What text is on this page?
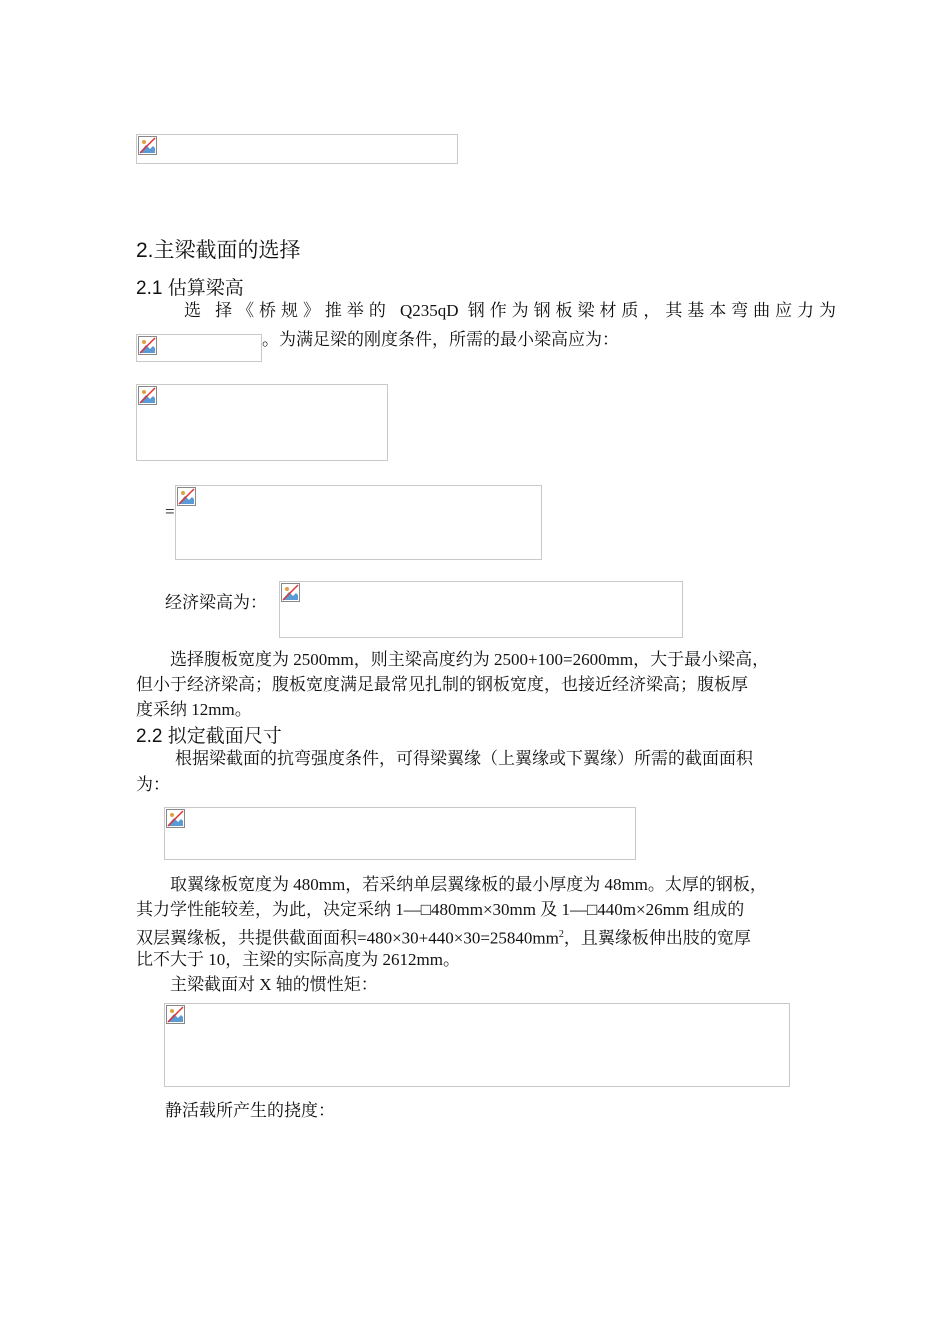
2.主梁截面的选择
2.1 估算梁高
选 择《桥规》推举的 Q235qD 钢作为钢板梁材质，其基本弯曲应力为
。为满足梁的刚度条件，所需的最小梁高应为：
=
经济梁高为：
选择腹板宽度为 2500mm，则主梁高度约为 2500+100=2600mm，大于最小梁高，
但小于经济梁高；腹板宽度满足最常见扎制的钢板宽度，也接近经济梁高；腹板厚
度采纳 12mm。
2.2 拟定截面尺寸
根据梁截面的抗弯强度条件，可得梁翼缘（上翼缘或下翼缘）所需的截面面积
为：
取翼缘板宽度为 480mm，若采纳单层翼缘板的最小厚度为 48mm。太厚的钢板，
其力学性能较差，为此，决定采纳 1—□480mm×30mm 及 1—□440m×26mm 组成的
双层翼缘板，共提供截面面积$=480\times 30+440\times 30=25840mm^2$，且翼缘板伸出肢的宽厚
比不大于 10，主梁的实际高度为 2612mm。
主梁截面对 X 轴的惯性矩：
静活载所产生的挠度：
